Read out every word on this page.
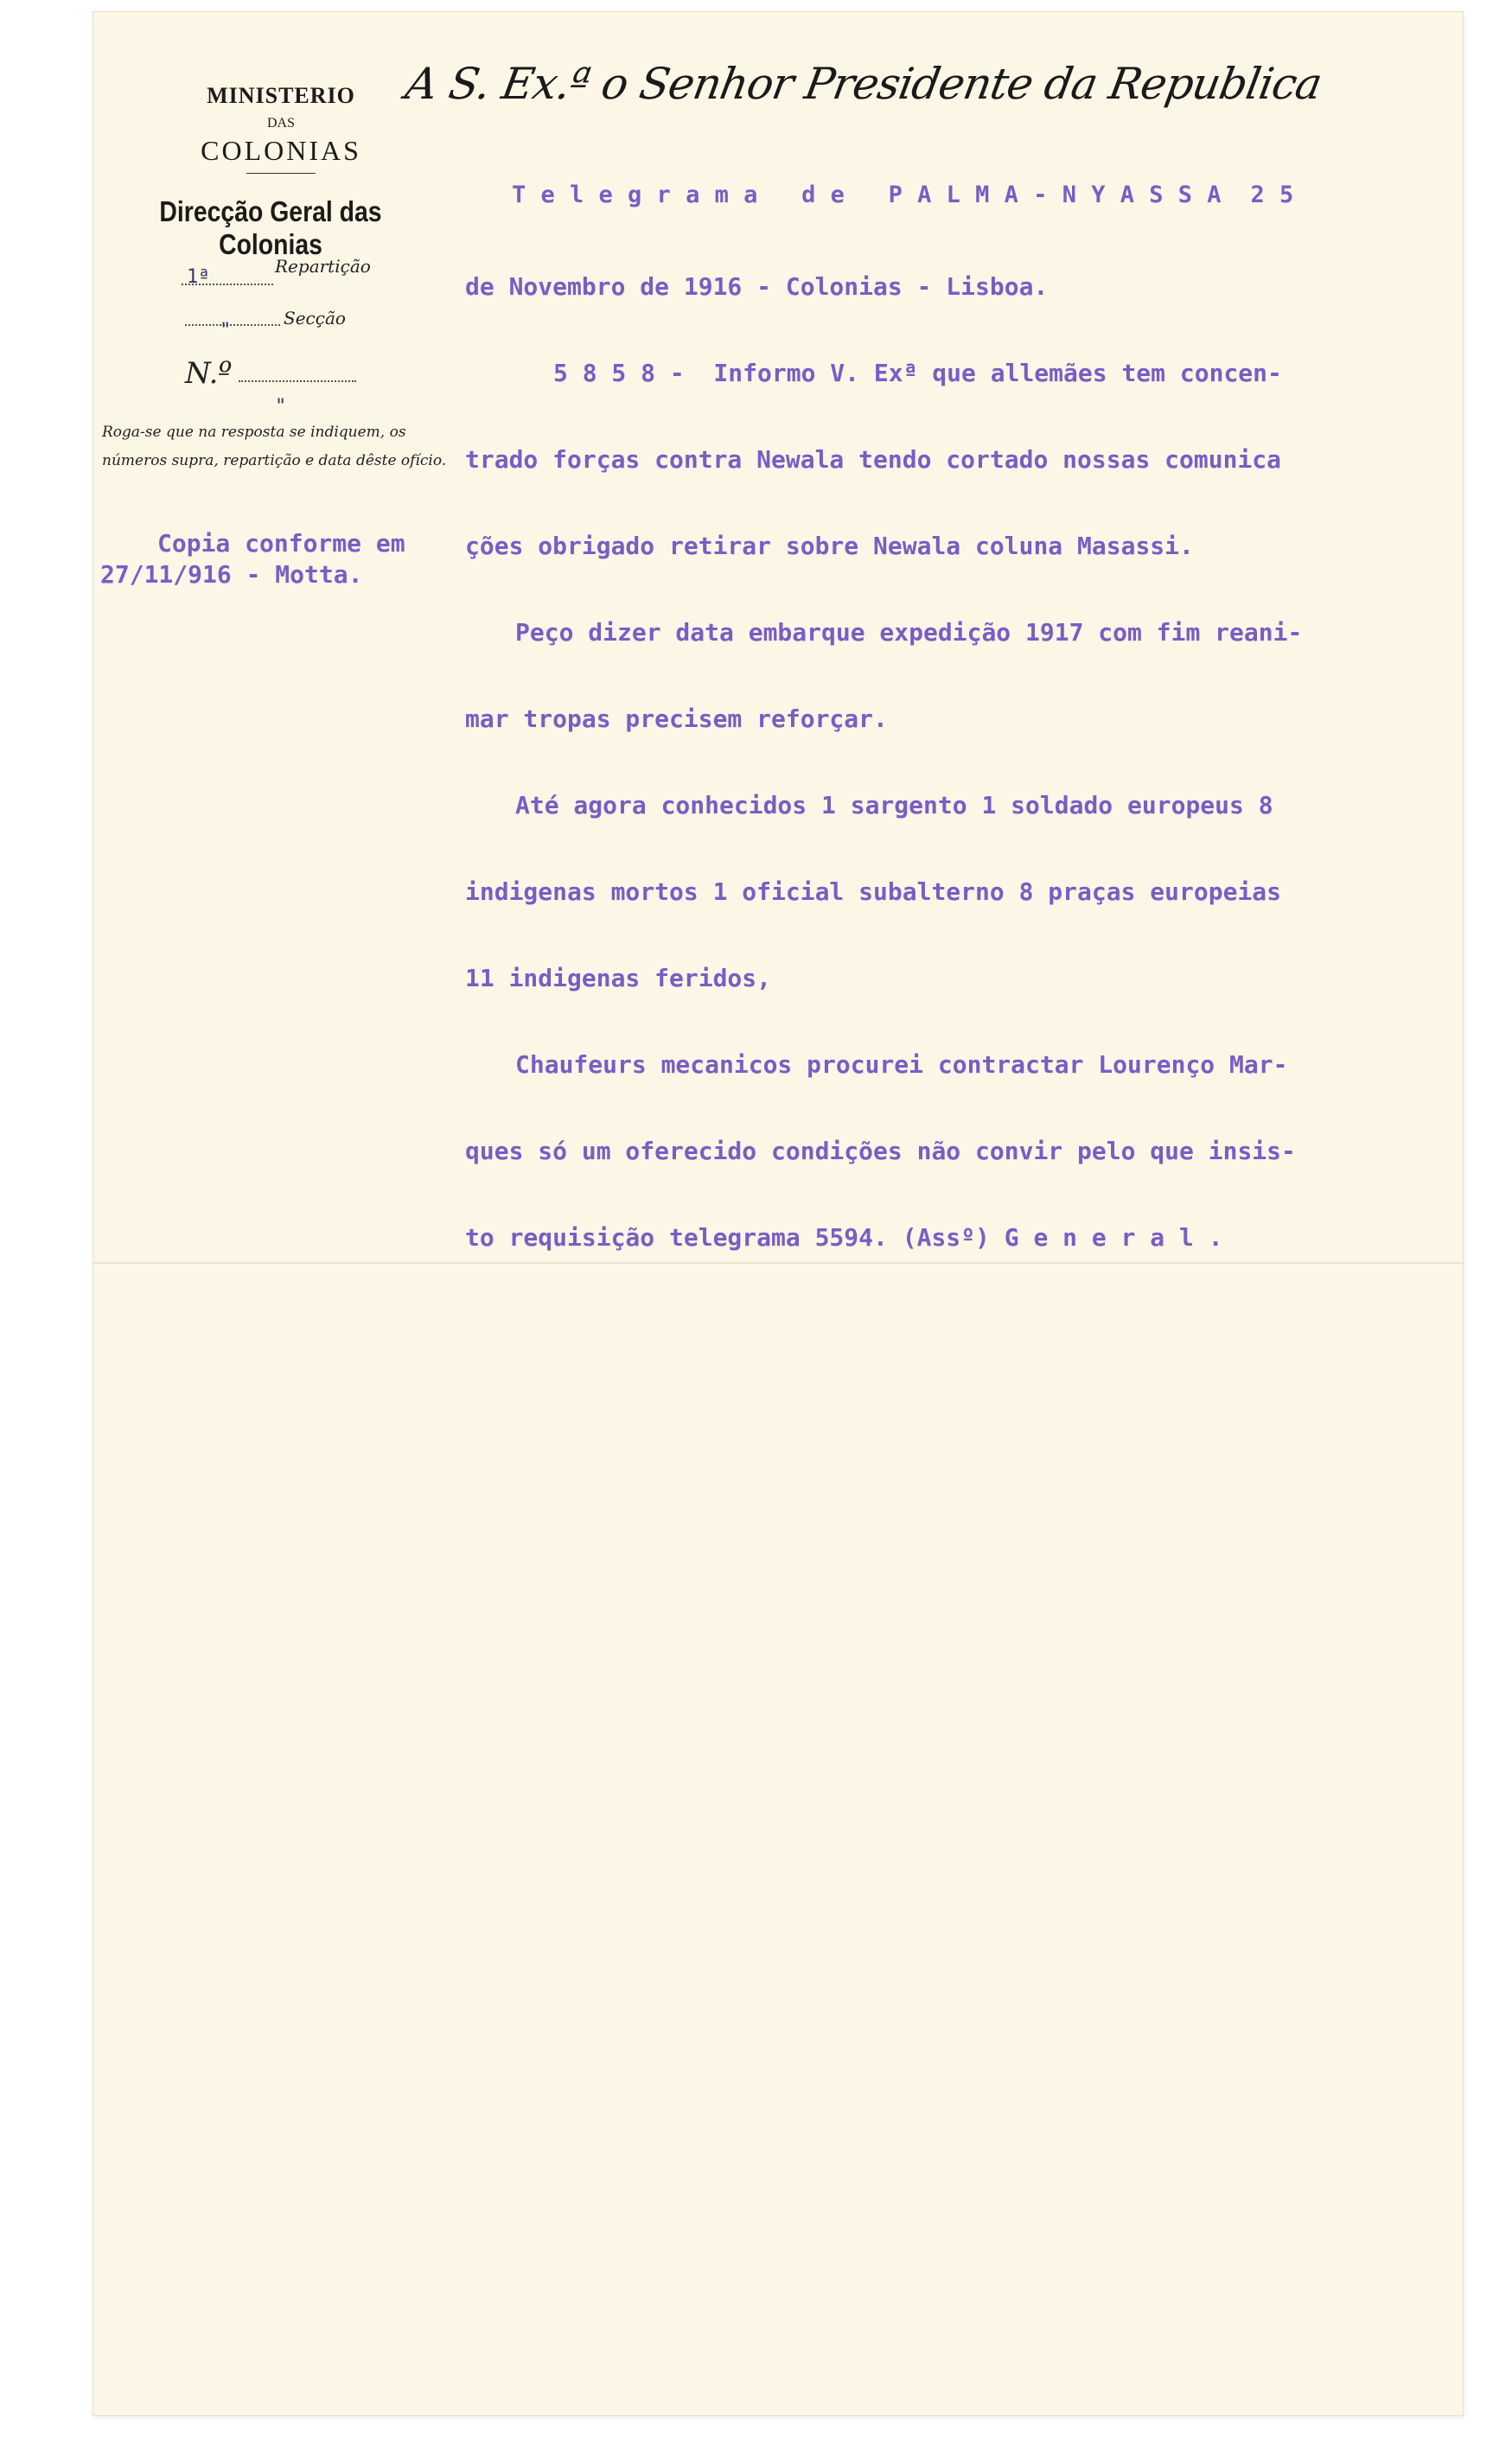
MINISTERIO
DAS
COLONIAS
Direcção Geral das Colonias
1ª	Repartição
Secção
"
N.º
"
Roga-se que na resposta se indiquem, os números supra, repartição e data dêste ofício.
A S. Ex.ª o Senhor Presidente da Republica
Copia conforme em
27/11/916 - Motta.
T e l e g r a m a   d e   P A L M A - N Y A S S A  2 5
de Novembro de 1916 - Colonias - Lisboa.
5 8 5 8 -  Informo V. Exª que allemães tem concen-
trado forças contra Newala tendo cortado nossas comunica
ções obrigado retirar sobre Newala coluna Masassi.
Peço dizer data embarque expedição 1917 com fim reani-
mar tropas precisem reforçar.
Até agora conhecidos 1 sargento 1 soldado europeus 8
indigenas mortos 1 oficial subalterno 8 praças europeias
11 indigenas feridos,
Chaufeurs mecanicos procurei contractar Lourenço Mar-
ques só um oferecido condições não convir pelo que insis-
to requisição telegrama 5594. (Assº) G e n e r a l .
